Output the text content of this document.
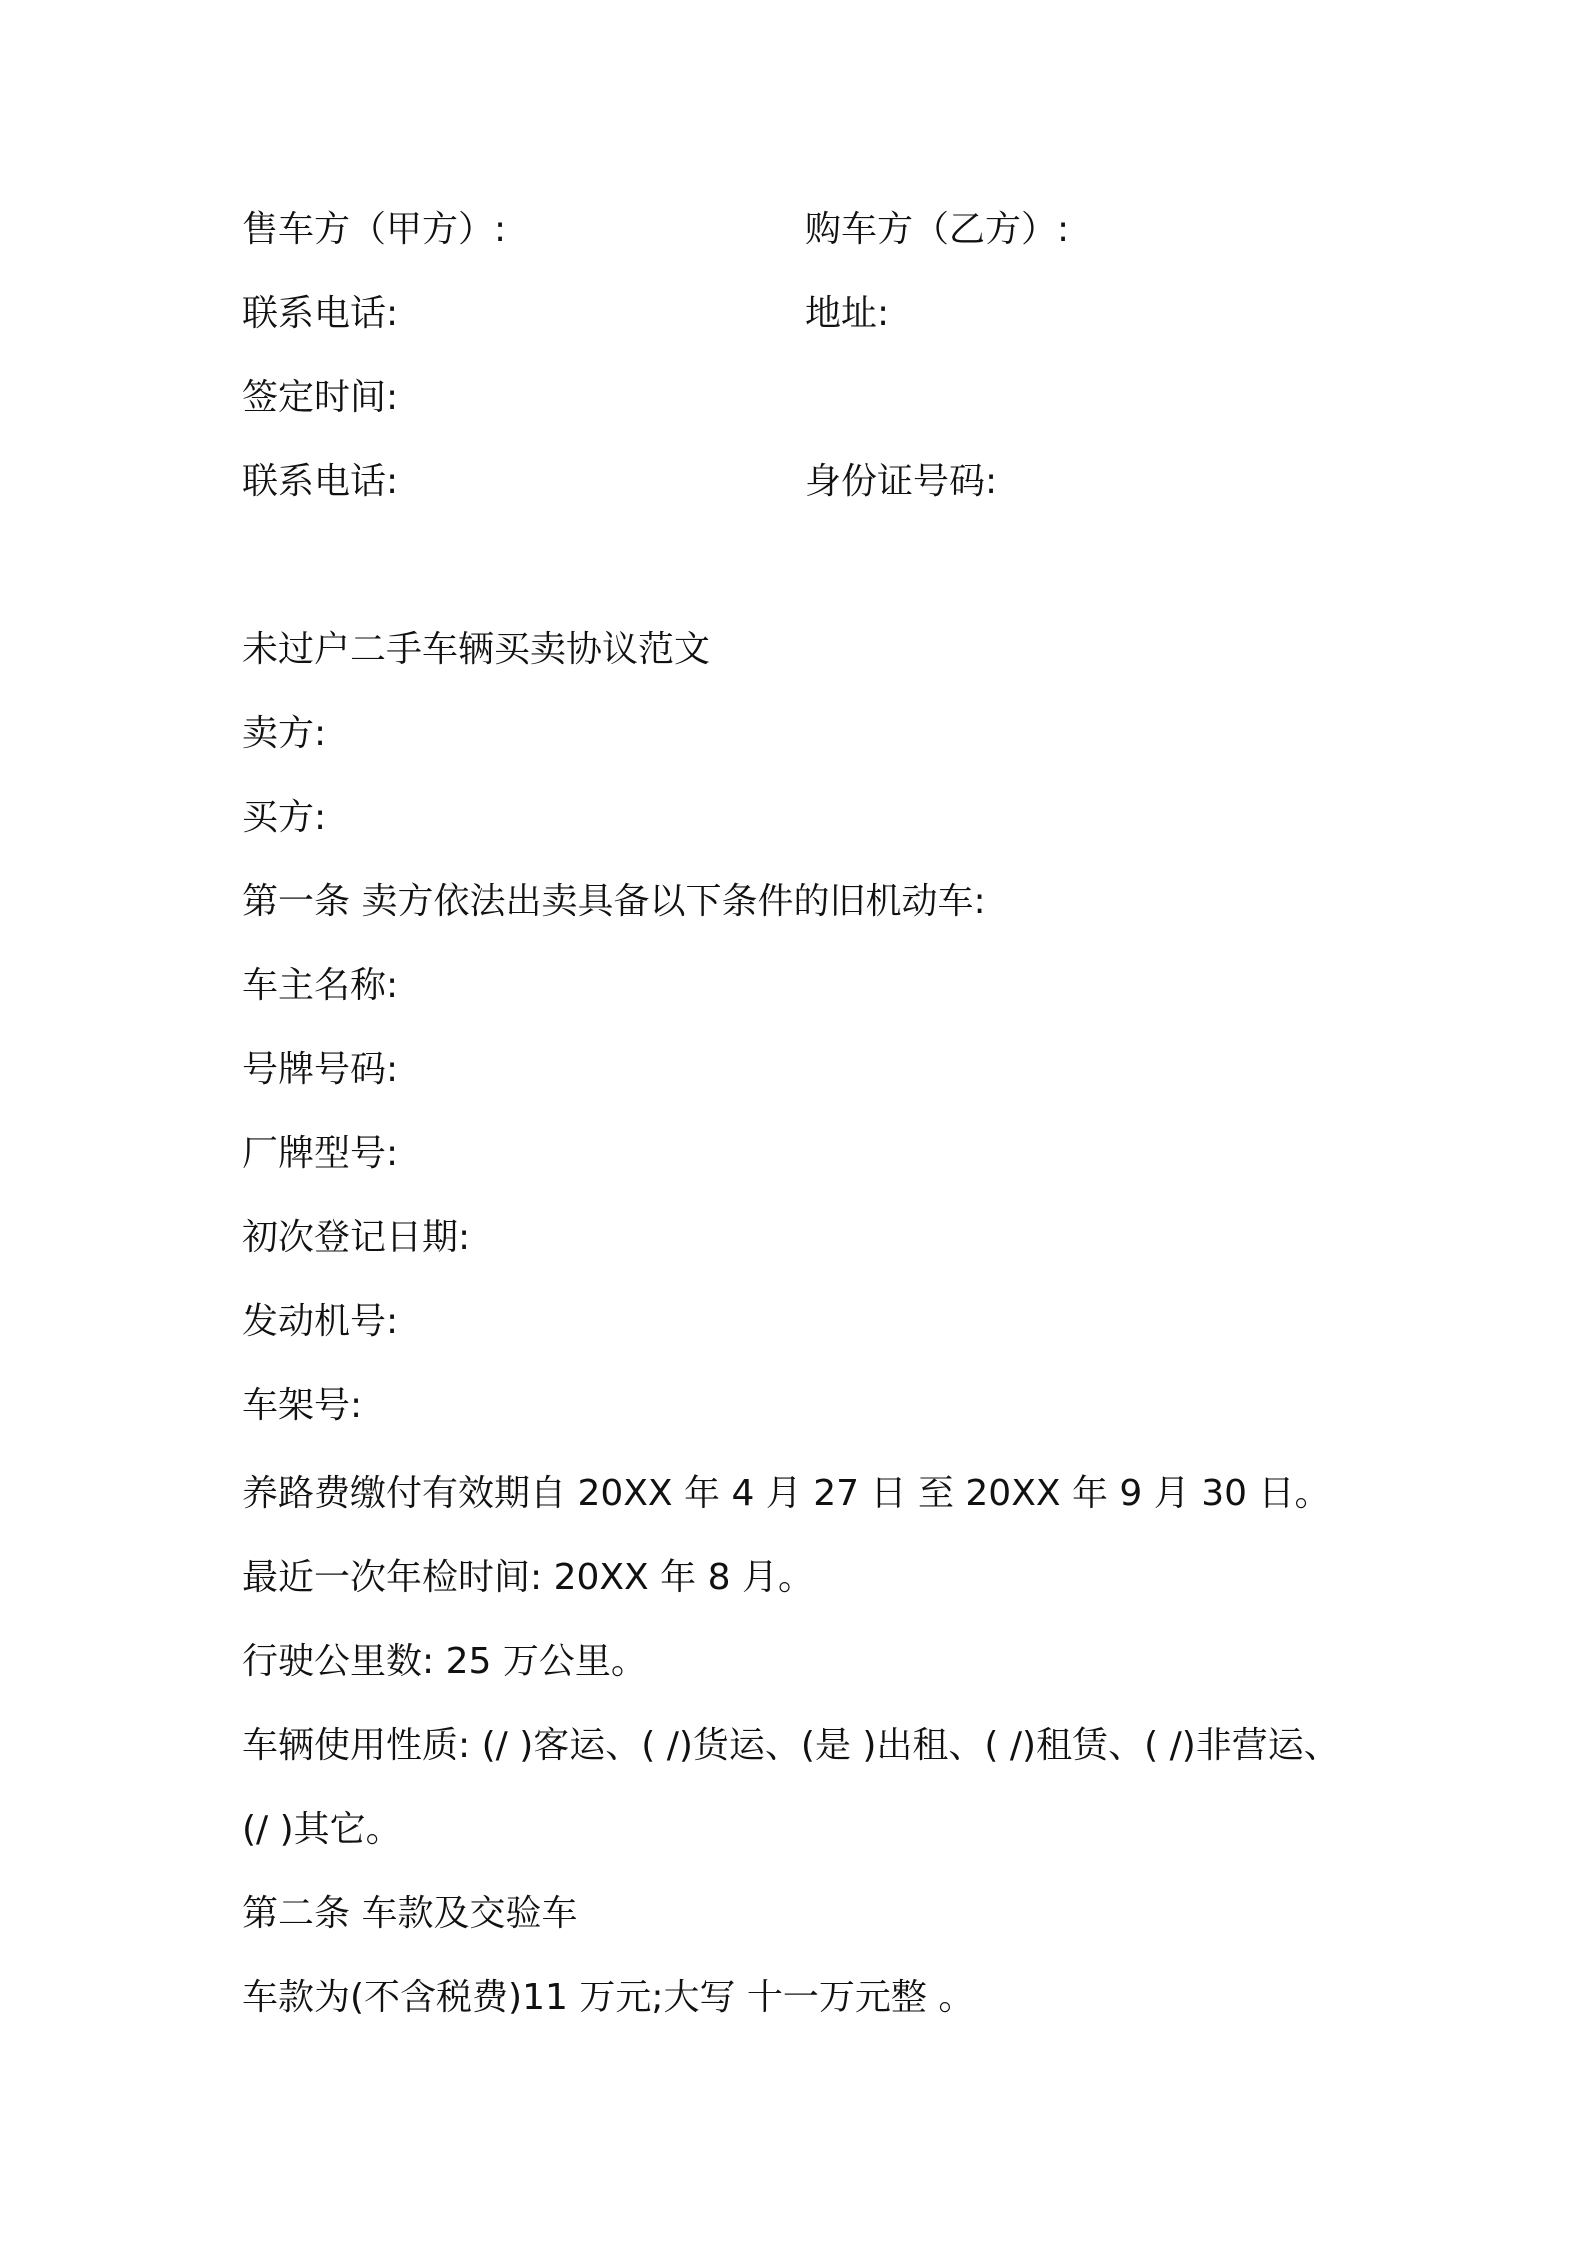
售车方（甲方）:	购车方（乙方）:
联系电话:	地址:
签定时间:
联系电话:	身份证号码:
未过户二手车辆买卖协议范文
卖方:
买方:
第一条 卖方依法出卖具备以下条件的旧机动车:
车主名称:
号牌号码:
厂牌型号:
初次登记日期:
发动机号:
车架号:
养路费缴付有效期自 20XX 年 4 月 27 日 至 20XX 年 9 月 30 日。
最近一次年检时间: 20XX 年 8 月。
行驶公里数: 25 万公里。
车辆使用性质: (/ )客运、( /)货运、(是 )出租、( /)租赁、( /)非营运、
(/ )其它。
第二条 车款及交验车
车款为(不含税费)11 万元;大写 十一万元整 。
